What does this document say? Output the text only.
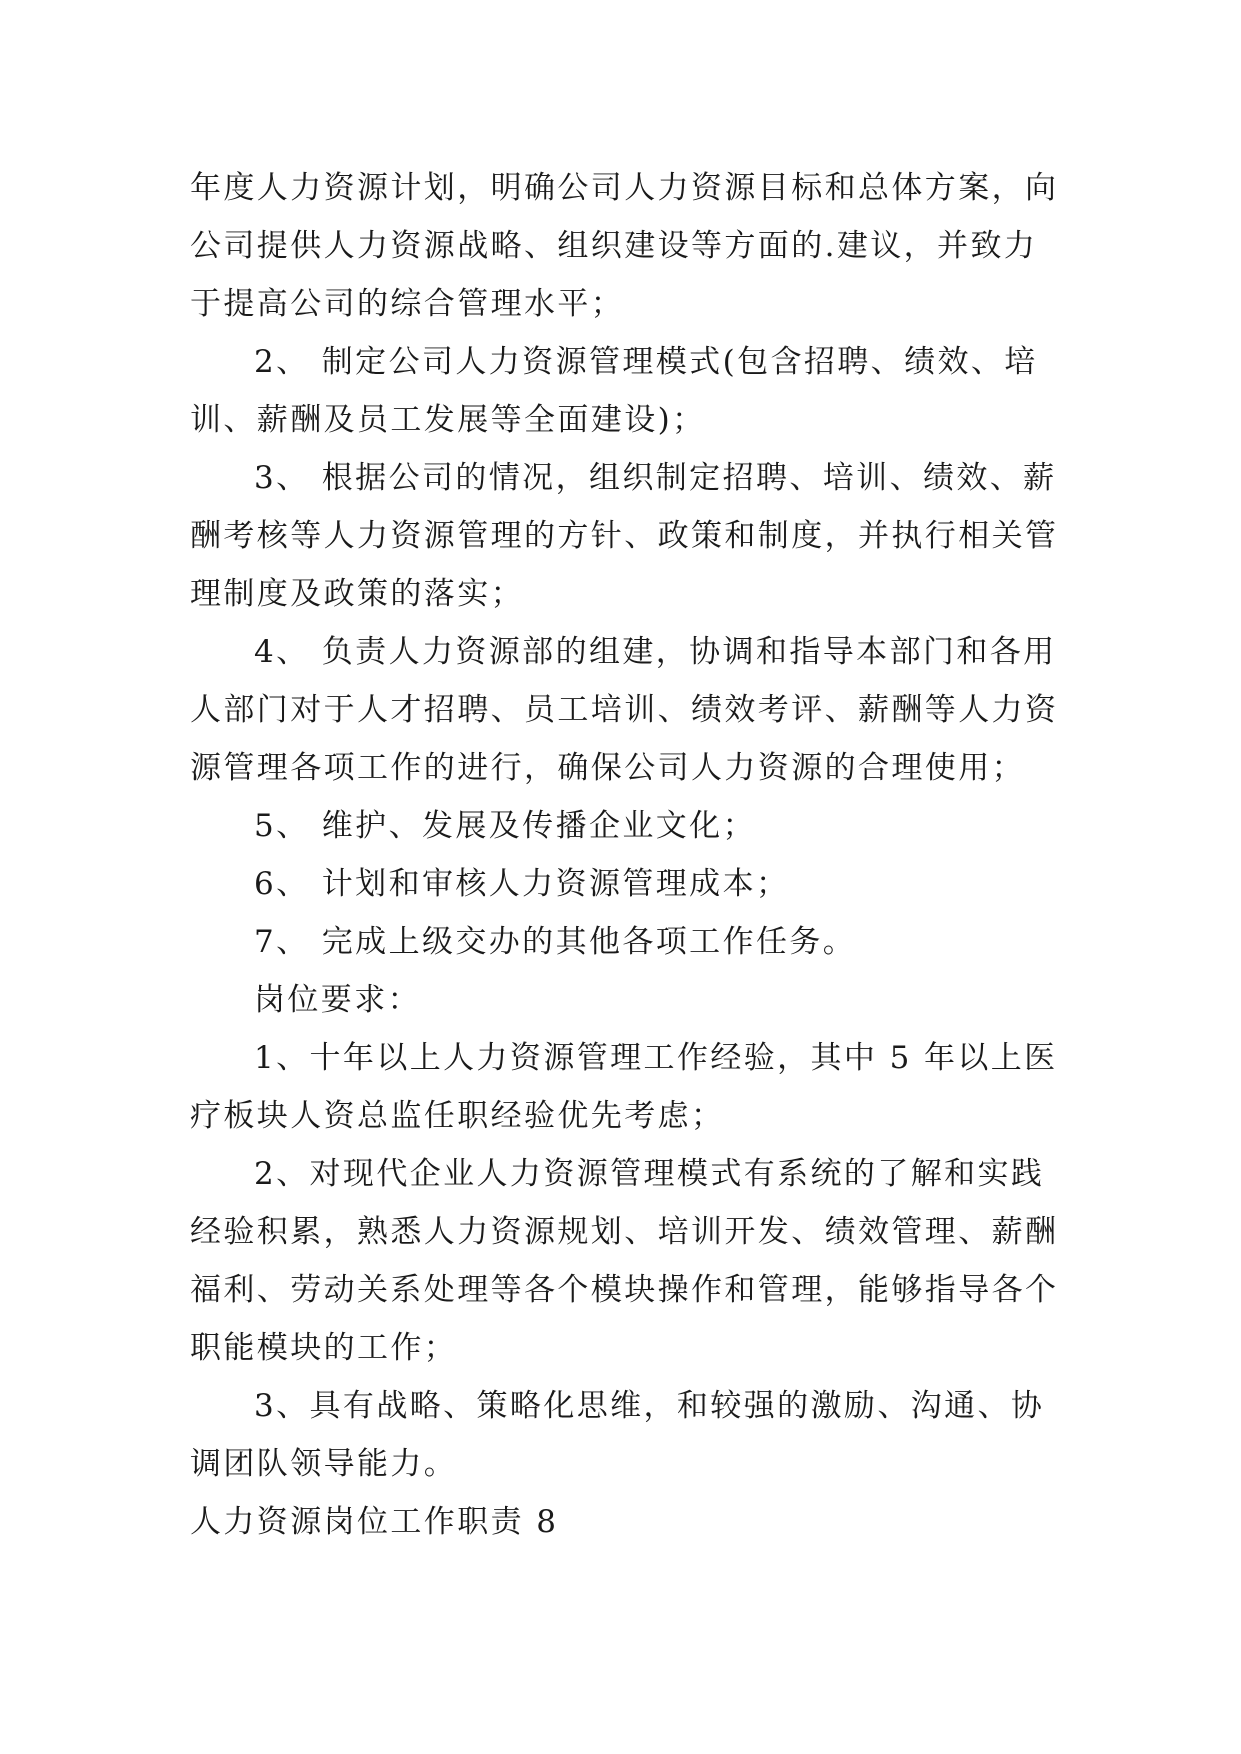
年度人力资源计划，明确公司人力资源目标和总体方案，向
公司提供人力资源战略、组织建设等方面的.建议，并致力
于提高公司的综合管理水平；
2、 制定公司人力资源管理模式(包含招聘、绩效、培
训、薪酬及员工发展等全面建设)；
3、 根据公司的情况，组织制定招聘、培训、绩效、薪
酬考核等人力资源管理的方针、政策和制度，并执行相关管
理制度及政策的落实；
4、 负责人力资源部的组建，协调和指导本部门和各用
人部门对于人才招聘、员工培训、绩效考评、薪酬等人力资
源管理各项工作的进行，确保公司人力资源的合理使用；
5、 维护、发展及传播企业文化；
6、 计划和审核人力资源管理成本；
7、 完成上级交办的其他各项工作任务。
岗位要求：
1、十年以上人力资源管理工作经验，其中 5 年以上医
疗板块人资总监任职经验优先考虑；
2、对现代企业人力资源管理模式有系统的了解和实践
经验积累，熟悉人力资源规划、培训开发、绩效管理、薪酬
福利、劳动关系处理等各个模块操作和管理，能够指导各个
职能模块的工作；
3、具有战略、策略化思维，和较强的激励、沟通、协
调团队领导能力。
人力资源岗位工作职责 8
